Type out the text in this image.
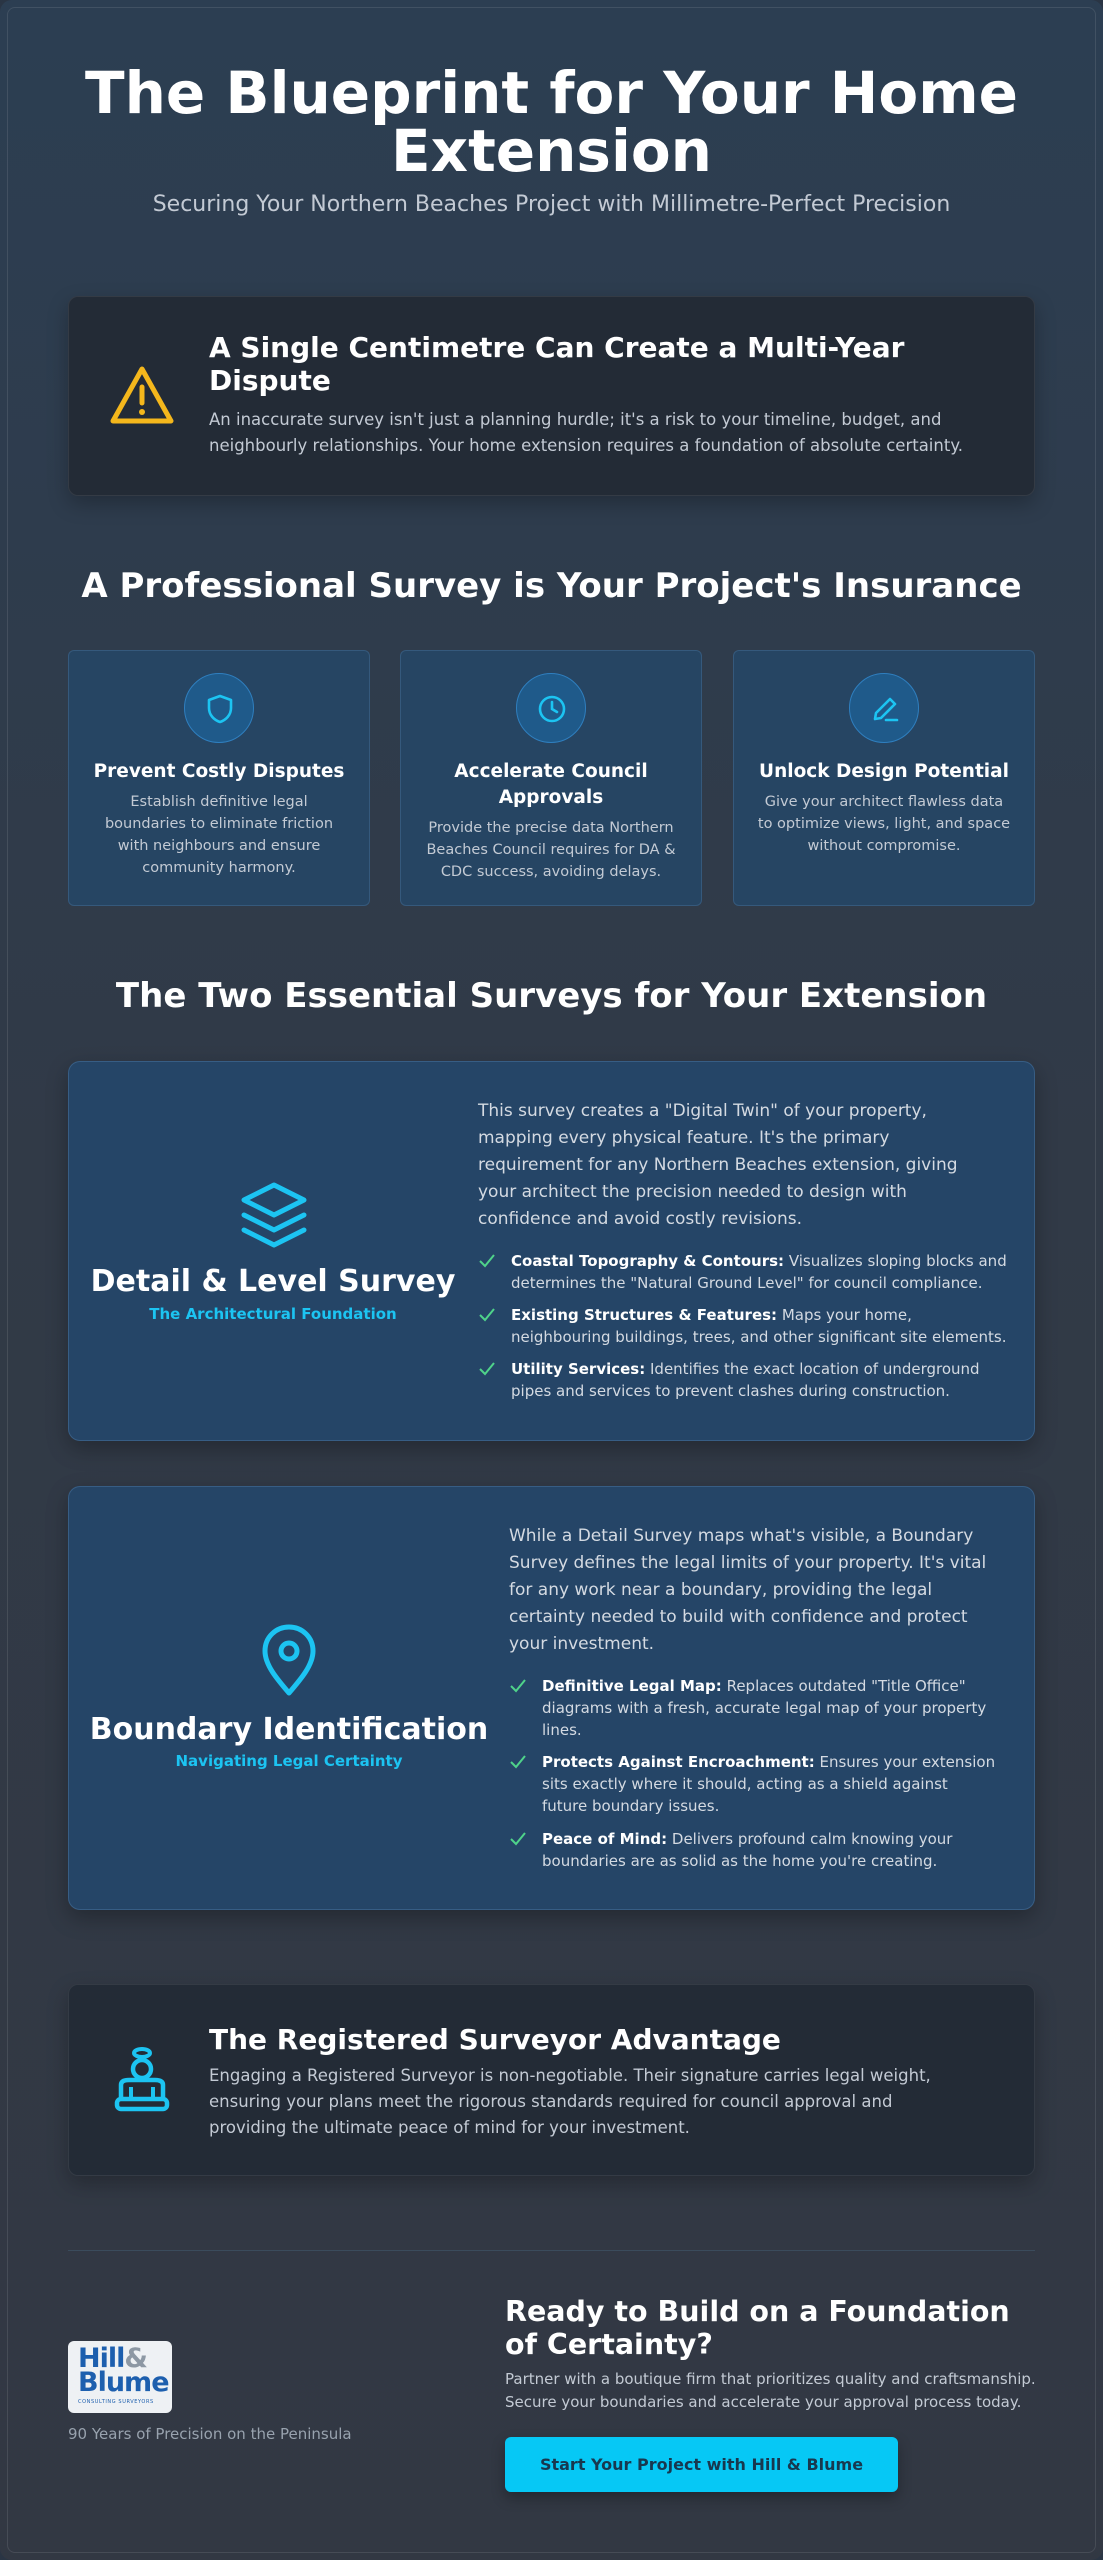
The Blueprint for Your Home Extension
Securing Your Northern Beaches Project with Millimetre-Perfect Precision
A Single Centimetre Can Create a Multi-Year Dispute
An inaccurate survey isn't just a planning hurdle; it's a risk to your timeline, budget, and neighbourly relationships. Your home extension requires a foundation of absolute certainty.
A Professional Survey is Your Project's Insurance
Prevent Costly Disputes
Establish definitive legal boundaries to eliminate friction with neighbours and ensure community harmony.
Accelerate Council Approvals
Provide the precise data Northern Beaches Council requires for DA & CDC success, avoiding delays.
Unlock Design Potential
Give your architect flawless data to optimize views, light, and space without compromise.
The Two Essential Surveys for Your Extension
Detail & Level Survey
The Architectural Foundation
This survey creates a "Digital Twin" of your property, mapping every physical feature. It's the primary requirement for any Northern Beaches extension, giving your architect the precision needed to design with confidence and avoid costly revisions.
Coastal Topography & Contours: Visualizes sloping blocks and determines the "Natural Ground Level" for council compliance.
Existing Structures & Features: Maps your home, neighbouring buildings, trees, and other significant site elements.
Utility Services: Identifies the exact location of underground pipes and services to prevent clashes during construction.
Boundary Identification
Navigating Legal Certainty
While a Detail Survey maps what's visible, a Boundary Survey defines the legal limits of your property. It's vital for any work near a boundary, providing the legal certainty needed to build with confidence and protect your investment.
Definitive Legal Map: Replaces outdated "Title Office" diagrams with a fresh, accurate legal map of your property lines.
Protects Against Encroachment: Ensures your extension sits exactly where it should, acting as a shield against future boundary issues.
Peace of Mind: Delivers profound calm knowing your boundaries are as solid as the home you're creating.
The Registered Surveyor Advantage
Engaging a Registered Surveyor is non-negotiable. Their signature carries legal weight, ensuring your plans meet the rigorous standards required for council approval and providing the ultimate peace of mind for your investment.
Hill&
Blume
CONSULTING SURVEYORS
90 Years of Precision on the Peninsula
Ready to Build on a Foundation of Certainty?
Partner with a boutique firm that prioritizes quality and craftsmanship. Secure your boundaries and accelerate your approval process today.
Start Your Project with Hill & Blume
